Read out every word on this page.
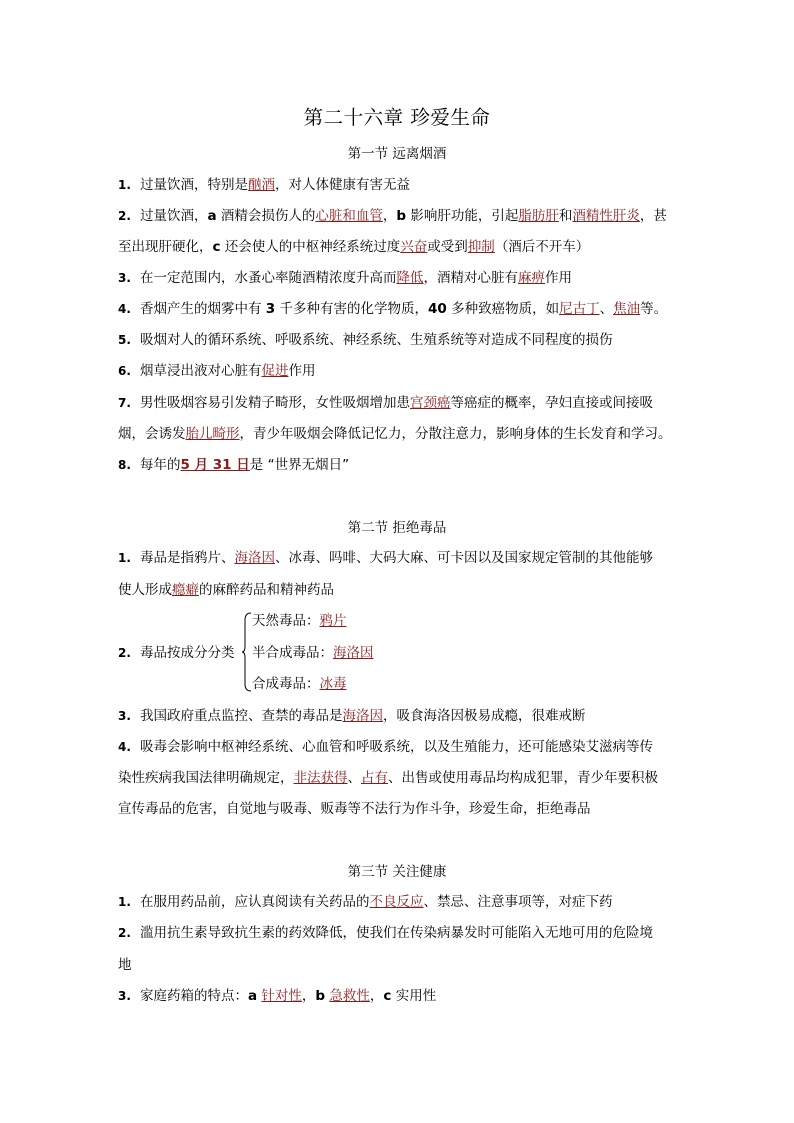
第二十六章 珍爱生命
第一节 远离烟酒
1. 过量饮酒，特别是酗酒，对人体健康有害无益
2. 过量饮酒，a 酒精会损伤人的心脏和血管，b 影响肝功能，引起脂肪肝和酒精性肝炎，甚
至出现肝硬化，c 还会使人的中枢神经系统过度兴奋或受到抑制（酒后不开车）
3. 在一定范围内，水蚤心率随酒精浓度升高而降低，酒精对心脏有麻痹作用
4. 香烟产生的烟雾中有 3 千多种有害的化学物质，40 多种致癌物质，如尼古丁、焦油等。
5. 吸烟对人的循环系统、呼吸系统、神经系统、生殖系统等对造成不同程度的损伤
6. 烟草浸出液对心脏有促进作用
7. 男性吸烟容易引发精子畸形，女性吸烟增加患宫颈癌等癌症的概率，孕妇直接或间接吸
烟，会诱发胎儿畸形，青少年吸烟会降低记忆力，分散注意力，影响身体的生长发育和学习。
8. 每年的5 月 31 日是 “世界无烟日”
第二节 拒绝毒品
1. 毒品是指鸦片、海洛因、冰毒、吗啡、大码大麻、可卡因以及国家规定管制的其他能够
使人形成瘾癖的麻醉药品和精神药品
2. 毒品按成分分类
天然毒品：鸦片
半合成毒品：海洛因
合成毒品：冰毒
3. 我国政府重点监控、查禁的毒品是海洛因，吸食海洛因极易成瘾，很难戒断
4. 吸毒会影响中枢神经系统、心血管和呼吸系统，以及生殖能力，还可能感染艾滋病等传
染性疾病我国法律明确规定，非法获得、占有、出售或使用毒品均构成犯罪，青少年要积极
宣传毒品的危害，自觉地与吸毒、贩毒等不法行为作斗争，珍爱生命，拒绝毒品
第三节 关注健康
1. 在服用药品前，应认真阅读有关药品的不良反应、禁忌、注意事项等，对症下药
2. 滥用抗生素导致抗生素的药效降低，使我们在传染病暴发时可能陷入无地可用的危险境
地
3. 家庭药箱的特点：a 针对性，b 急救性，c 实用性
